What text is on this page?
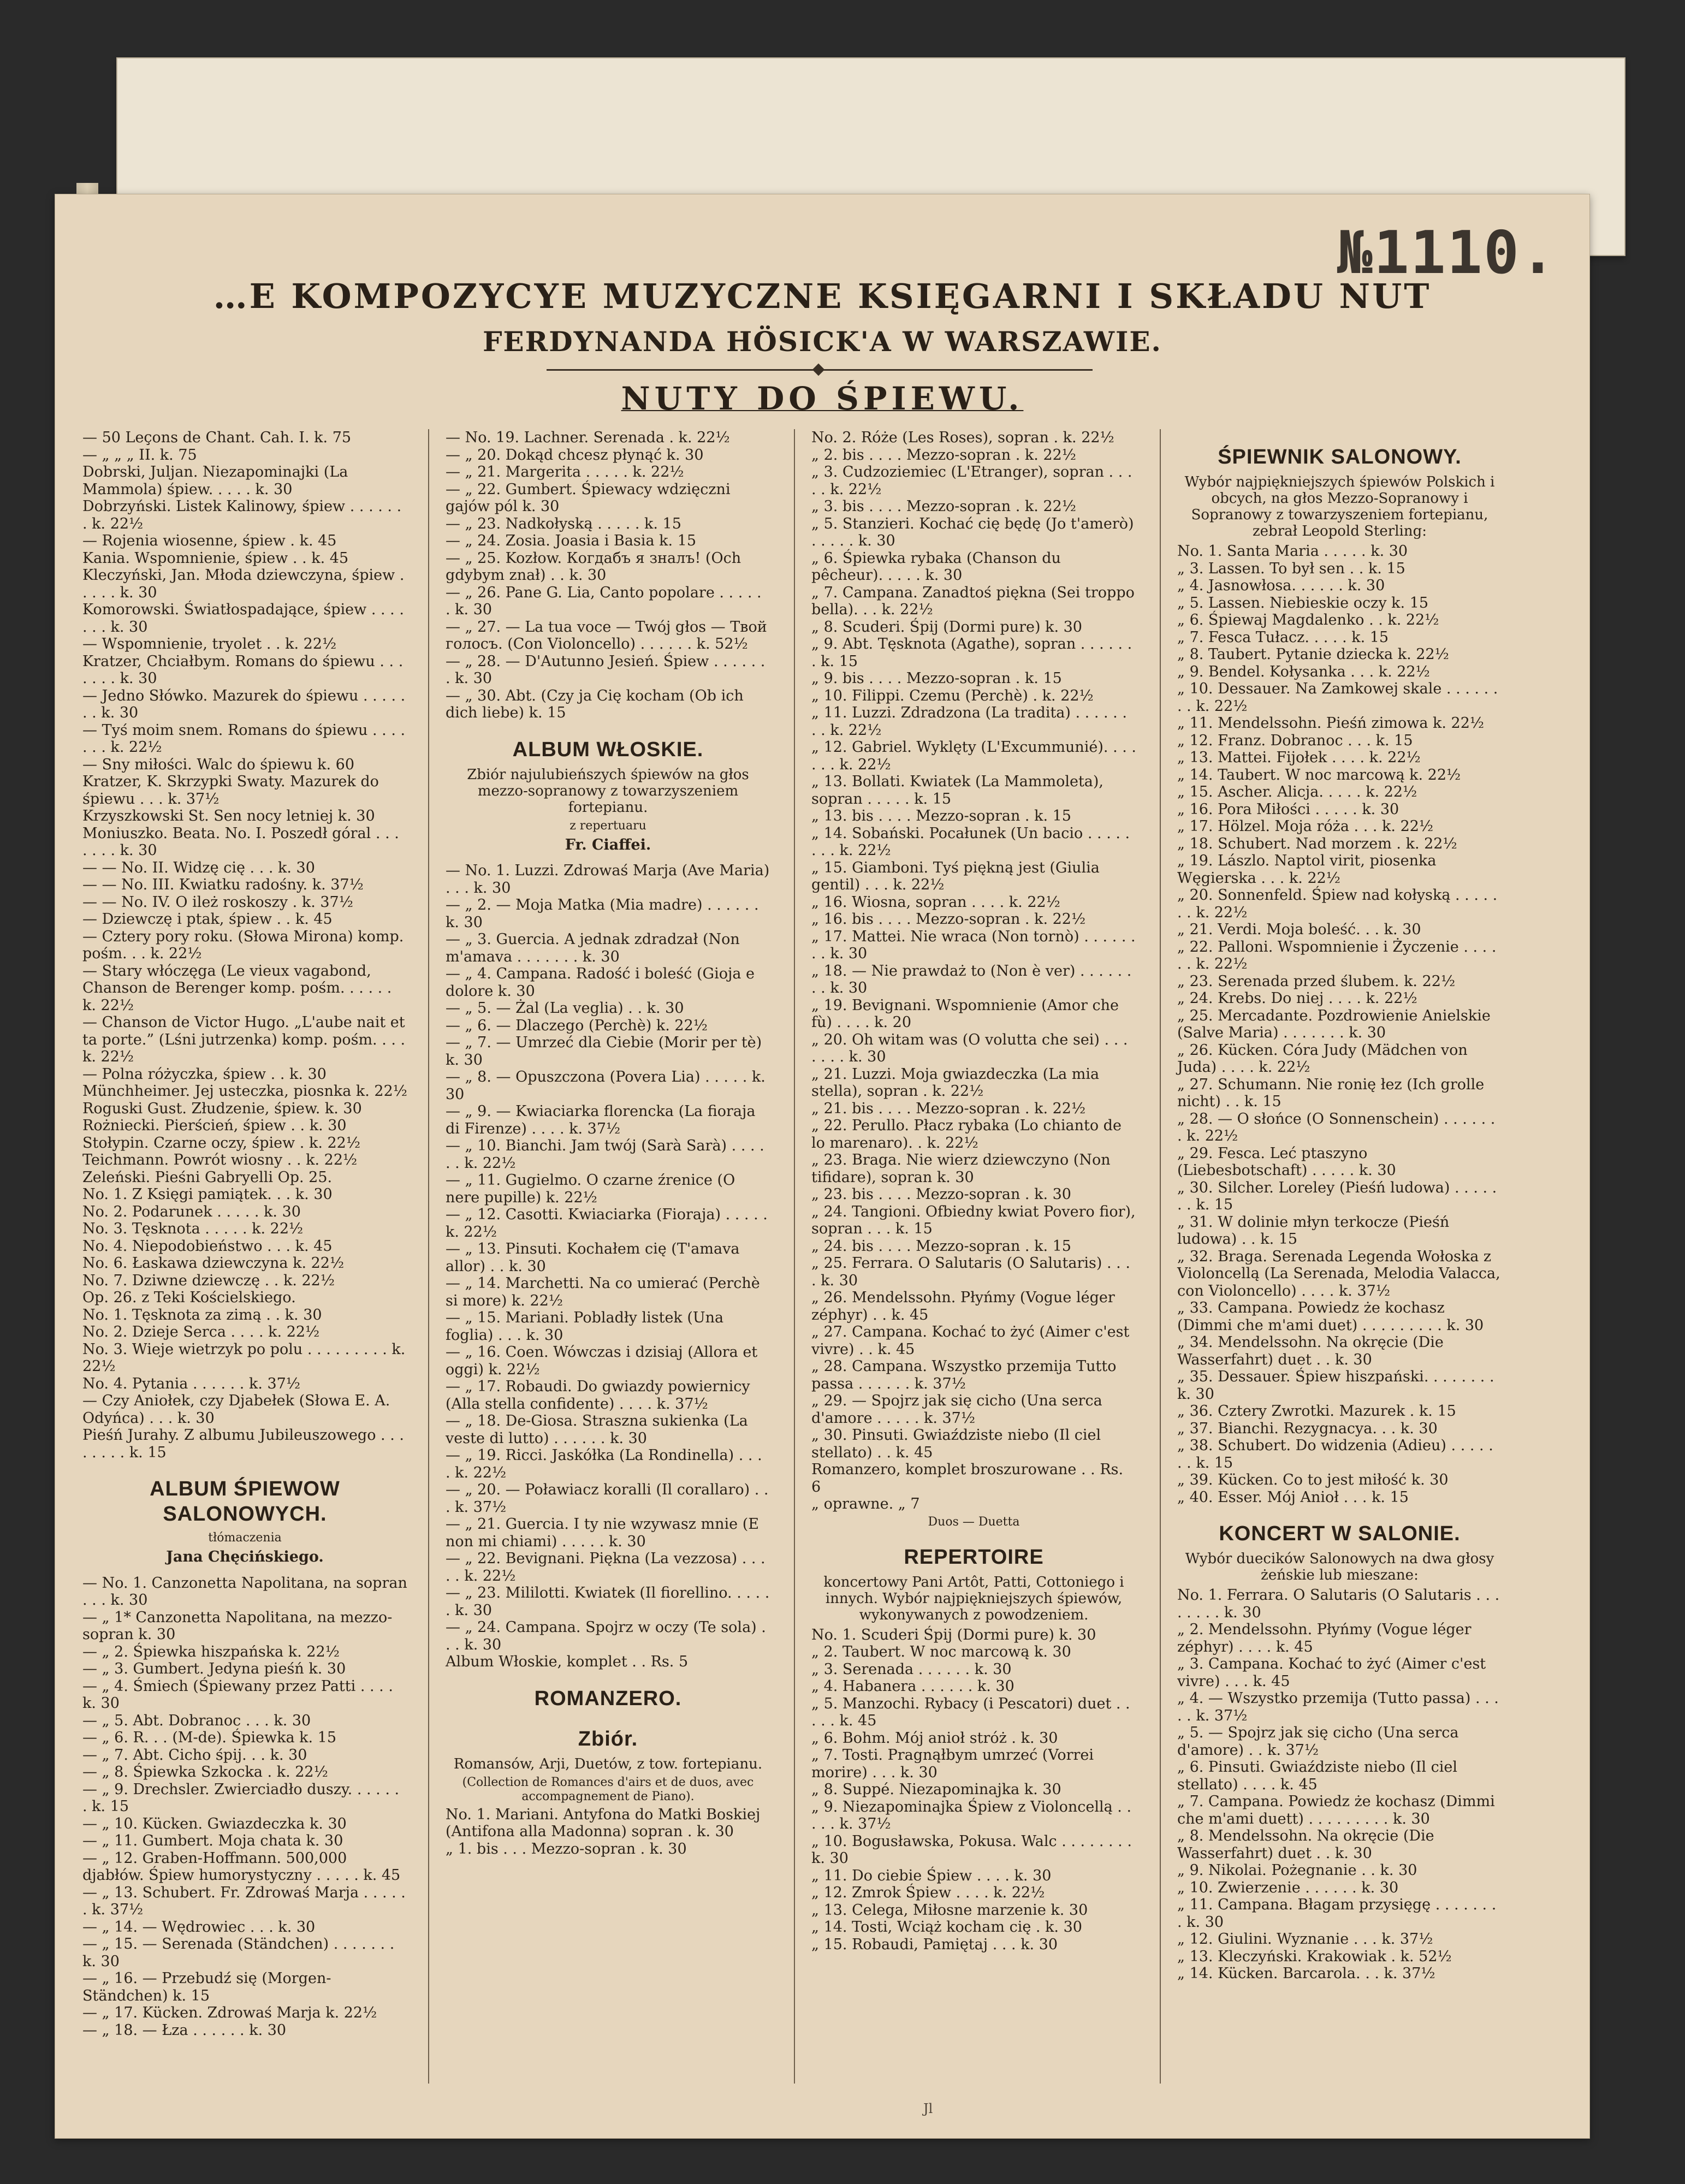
№1110.
…E KOMPOZYCYE MUZYCZNE KSIĘGARNI I SKŁADU NUT
FERDYNANDA HÖSICK'A W WARSZAWIE.
NUTY DO ŚPIEWU.

— 50 Leçons de Chant. Cah. I. k. 75

— „ „ „ II. k. 75

Dobrski, Juljan. Niezapominajki (La Mammola) śpiew. . . . . k. 30

Dobrzyński. Listek Kalinowy, śpiew . . . . . . . k. 22½

— Rojenia wiosenne, śpiew . k. 45

Kania. Wspomnienie, śpiew . . k. 45

Kleczyński, Jan. Młoda dziewczyna, śpiew . . . . . k. 30

Komorowski. Światłospadające, śpiew . . . . . . . k. 30

— Wspomnienie, tryolet . . k. 22½

Kratzer, Chciałbym. Romans do śpiewu . . . . . . . k. 30

— Jedno Słówko. Mazurek do śpiewu . . . . . . . k. 30

— Tyś moim snem. Romans do śpiewu . . . . . . . k. 22½

— Sny miłości. Walc do śpiewu k. 60

Kratzer, K. Skrzypki Swaty. Mazurek do śpiewu . . . k. 37½

Krzyszkowski St. Sen nocy letniej k. 30

Moniuszko. Beata. No. I. Poszedł góral . . . . . . . k. 30

— — No. II. Widzę cię . . . k. 30

— — No. III. Kwiatku radośny. k. 37½

— — No. IV. O ileż roskoszy . k. 37½

— Dziewczę i ptak, śpiew . . k. 45

— Cztery pory roku. (Słowa Mirona) komp. pośm. . . k. 22½

— Stary włóczęga (Le vieux vagabond, Chanson de Berenger komp. pośm. . . . . . k. 22½

— Chanson de Victor Hugo. „L'aube nait et ta porte.” (Lśni jutrzenka) komp. pośm. . . . k. 22½

— Polna różyczka, śpiew . . k. 30

Münchheimer. Jej usteczka, piosnka k. 22½

Roguski Gust. Złudzenie, śpiew. k. 30

Rożniecki. Pierścień, śpiew . . k. 30

Stołypin. Czarne oczy, śpiew . k. 22½

Teichmann. Powrót wiosny . . k. 22½

Zeleński. Pieśni Gabryelli Op. 25.

No. 1. Z Księgi pamiątek. . . k. 30

No. 2. Podarunek . . . . . k. 30

No. 3. Tęsknota . . . . . k. 22½

No. 4. Niepodobieństwo . . . k. 45

No. 6. Łaskawa dziewczyna k. 22½

No. 7. Dziwne dziewczę . . k. 22½

Op. 26. z Teki Kościelskiego.

No. 1. Tęsknota za zimą . . k. 30

No. 2. Dzieje Serca . . . . k. 22½

No. 3. Wieje wietrzyk po polu . . . . . . . . . k. 22½

No. 4. Pytania . . . . . . k. 37½

— Czy Aniołek, czy Djabełek (Słowa E. A. Odyńca) . . . k. 30

Pieśń Jurahy. Z albumu Jubileuszowego . . . . . . . . k. 15

ALBUM ŚPIEWOW SALONOWYCH.

tłómaczenia

Jana Chęcińskiego.

— No. 1. Canzonetta Napolitana, na sopran . . . k. 30

— „ 1* Canzonetta Napolitana, na mezzo-sopran k. 30

— „ 2. Śpiewka hiszpańska k. 22½

— „ 3. Gumbert. Jedyna pieśń k. 30

— „ 4. Śmiech (Śpiewany przez Patti . . . . k. 30

— „ 5. Abt. Dobranoc . . . k. 30

— „ 6. R. . . (M-de). Śpiewka k. 15

— „ 7. Abt. Cicho śpij. . . k. 30

— „ 8. Śpiewka Szkocka . k. 22½

— „ 9. Drechsler. Zwierciadło duszy. . . . . . . k. 15

— „ 10. Kücken. Gwiazdeczka k. 30

— „ 11. Gumbert. Moja chata k. 30

— „ 12. Graben-Hoffmann. 500,000 djabłów. Śpiew humorystyczny . . . . . k. 45

— „ 13. Schubert. Fr. Zdrowaś Marja . . . . . . k. 37½

— „ 14. — Wędrowiec . . . k. 30

— „ 15. — Serenada (Ständchen) . . . . . . . k. 30

— „ 16. — Przebudź się (Morgen-Ständchen) k. 15

— „ 17. Kücken. Zdrowaś Marja k. 22½

— „ 18. — Łza . . . . . . k. 30

— No. 19. Lachner. Serenada . k. 22½

— „ 20. Dokąd chcesz płynąć k. 30

— „ 21. Margerita . . . . . k. 22½

— „ 22. Gumbert. Śpiewacy wdzięczni gajów pól k. 30

— „ 23. Nadkołyską . . . . . k. 15

— „ 24. Zosia. Joasia i Basia k. 15

— „ 25. Kozłow. Когдабъ я зналъ! (Och gdybym znał) . . k. 30

— „ 26. Pane G. Lia, Canto popolare . . . . . . k. 30

— „ 27. — La tua voce — Twój głos — Твой голосъ. (Con Violoncello) . . . . . . k. 52½

— „ 28. — D'Autunno Jesień. Śpiew . . . . . . . k. 30

— „ 30. Abt. (Czy ja Cię kocham (Ob ich dich liebe) k. 15

ALBUM WŁOSKIE.

Zbiór najulubieńszych śpiewów na głos mezzo-sopranowy z towarzyszeniem fortepianu.

z repertuaru

Fr. Ciaffei.

— No. 1. Luzzi. Zdrowaś Marja (Ave Maria) . . . k. 30

— „ 2. — Moja Matka (Mia madre) . . . . . . k. 30

— „ 3. Guercia. A jednak zdradzał (Non m'amava . . . . . . . k. 30

— „ 4. Campana. Radość i boleść (Gioja e dolore k. 30

— „ 5. — Żal (La veglia) . . k. 30

— „ 6. — Dlaczego (Perchè) k. 22½

— „ 7. — Umrzeć dla Ciebie (Morir per tè) k. 30

— „ 8. — Opuszczona (Povera Lia) . . . . . k. 30

— „ 9. — Kwiaciarka florencka (La fioraja di Firenze) . . . . k. 37½

— „ 10. Bianchi. Jam twój (Sarà Sarà) . . . . . . k. 22½

— „ 11. Gugielmo. O czarne źrenice (O nere pupille) k. 22½

— „ 12. Casotti. Kwiaciarka (Fioraja) . . . . . k. 22½

— „ 13. Pinsuti. Kochałem cię (T'amava allor) . . k. 30

— „ 14. Marchetti. Na co umierać (Perchè si more) k. 22½

— „ 15. Mariani. Pobladły listek (Una foglia) . . . k. 30

— „ 16. Coen. Wówczas i dzisiaj (Allora et oggi) k. 22½

— „ 17. Robaudi. Do gwiazdy powiernicy (Alla stella confidente) . . . . k. 37½

— „ 18. De-Giosa. Straszna sukienka (La veste di lutto) . . . . . . k. 30

— „ 19. Ricci. Jaskółka (La Rondinella) . . . . k. 22½

— „ 20. — Poławiacz koralli (Il corallaro) . . . k. 37½

— „ 21. Guercia. I ty nie wzywasz mnie (E non mi chiami) . . . . . k. 30

— „ 22. Bevignani. Piękna (La vezzosa) . . . . . k. 22½

— „ 23. Mililotti. Kwiatek (Il fiorellino. . . . . . k. 30

— „ 24. Campana. Spojrz w oczy (Te sola) . . . k. 30

Album Włoskie, komplet . . Rs. 5

ROMANZERO.

Zbiór.

Romansów, Arji, Duetów, z tow. fortepianu.

(Collection de Romances d'airs et de duos, avec accompagnement de Piano).

No. 1. Mariani. Antyfona do Matki Boskiej (Antifona alla Madonna) sopran . k. 30

„ 1. bis . . . Mezzo-sopran . k. 30

No. 2. Róże (Les Roses), sopran . k. 22½

„ 2. bis . . . . Mezzo-sopran . k. 22½

„ 3. Cudzoziemiec (L'Etranger), sopran . . . . . k. 22½

„ 3. bis . . . . Mezzo-sopran . k. 22½

„ 5. Stanzieri. Kochać cię będę (Jo t'amerò) . . . . . k. 30

„ 6. Śpiewka rybaka (Chanson du pêcheur). . . . . k. 30

„ 7. Campana. Zanadtoś piękna (Sei troppo bella). . . k. 22½

„ 8. Scuderi. Śpij (Dormi pure) k. 30

„ 9. Abt. Tęsknota (Agathe), sopran . . . . . . . k. 15

„ 9. bis . . . . Mezzo-sopran . k. 15

„ 10. Filippi. Czemu (Perchè) . k. 22½

„ 11. Luzzi. Zdradzona (La tradita) . . . . . . . . k. 22½

„ 12. Gabriel. Wyklęty (L'Excummunié). . . . . . . k. 22½

„ 13. Bollati. Kwiatek (La Mammoleta), sopran . . . . . k. 15

„ 13. bis . . . . Mezzo-sopran . k. 15

„ 14. Sobański. Pocałunek (Un bacio . . . . . . . . k. 22½

„ 15. Giamboni. Tyś piękną jest (Giulia gentil) . . . k. 22½

„ 16. Wiosna, sopran . . . . k. 22½

„ 16. bis . . . . Mezzo-sopran . k. 22½

„ 17. Mattei. Nie wraca (Non tornò) . . . . . . . . k. 30

„ 18. — Nie prawdaż to (Non è ver) . . . . . . . . k. 30

„ 19. Bevignani. Wspomnienie (Amor che fù) . . . . k. 20

„ 20. Oh witam was (O volutta che sei) . . . . . . . k. 30

„ 21. Luzzi. Moja gwiazdeczka (La mia stella), sopran . k. 22½

„ 21. bis . . . . Mezzo-sopran . k. 22½

„ 22. Perullo. Płacz rybaka (Lo chianto de lo marenaro). . k. 22½

„ 23. Braga. Nie wierz dziewczyno (Non tifidare), sopran k. 30

„ 23. bis . . . . Mezzo-sopran . k. 30

„ 24. Tangioni. Ofbiedny kwiat Povero fior), sopran . . . k. 15

„ 24. bis . . . . Mezzo-sopran . k. 15

„ 25. Ferrara. O Salutaris (O Salutaris) . . . . k. 30

„ 26. Mendelssohn. Płyńmy (Vogue léger zéphyr) . . k. 45

„ 27. Campana. Kochać to żyć (Aimer c'est vivre) . . k. 45

„ 28. Campana. Wszystko przemija Tutto passa . . . . . . k. 37½

„ 29. — Spojrz jak się cicho (Una serca d'amore . . . . . k. 37½

„ 30. Pinsuti. Gwiaździste niebo (Il ciel stellato) . . k. 45

Romanzero, komplet broszurowane . . Rs. 6

„ oprawne. „ 7

Duos — Duetta

REPERTOIRE

koncertowy Pani Artôt, Patti, Cottoniego i innych. Wybór najpiękniejszych śpiewów, wykonywanych z powodzeniem.

No. 1. Scuderi Śpij (Dormi pure) k. 30

„ 2. Taubert. W noc marcową k. 30

„ 3. Serenada . . . . . . k. 30

„ 4. Habanera . . . . . . k. 30

„ 5. Manzochi. Rybacy (i Pescatori) duet . . . . . k. 45

„ 6. Bohm. Mój anioł stróż . k. 30

„ 7. Tosti. Pragnąłbym umrzeć (Vorrei morire) . . . k. 30

„ 8. Suppé. Niezapominajka k. 30

„ 9. Niezapominajka Śpiew z Violoncellą . . . . . k. 37½

„ 10. Bogusławska, Pokusa. Walc . . . . . . . . k. 30

„ 11. Do ciebie Śpiew . . . . k. 30

„ 12. Zmrok Śpiew . . . . k. 22½

„ 13. Celega, Miłosne marzenie k. 30

„ 14. Tosti, Wciąż kocham cię . k. 30

„ 15. Robaudi, Pamiętaj . . . k. 30

ŚPIEWNIK SALONOWY.

Wybór najpiękniejszych śpiewów Polskich i obcych, na głos Mezzo-Sopranowy i Sopranowy z towarzyszeniem fortepianu, zebrał Leopold Sterling:

No. 1. Santa Maria . . . . . k. 30

„ 3. Lassen. To był sen . . k. 15

„ 4. Jasnowłosa. . . . . . k. 30

„ 5. Lassen. Niebieskie oczy k. 15

„ 6. Śpiewaj Magdalenko . . k. 22½

„ 7. Fesca Tułacz. . . . . k. 15

„ 8. Taubert. Pytanie dziecka k. 22½

„ 9. Bendel. Kołysanka . . . k. 22½

„ 10. Dessauer. Na Zamkowej skale . . . . . . . . k. 22½

„ 11. Mendelssohn. Pieśń zimowa k. 22½

„ 12. Franz. Dobranoc . . . k. 15

„ 13. Mattei. Fijołek . . . . k. 22½

„ 14. Taubert. W noc marcową k. 22½

„ 15. Ascher. Alicja. . . . . k. 22½

„ 16. Pora Miłości . . . . . k. 30

„ 17. Hölzel. Moja róża . . . k. 22½

„ 18. Schubert. Nad morzem . k. 22½

„ 19. Lászlo. Naptol virit, piosenka Węgierska . . . k. 22½

„ 20. Sonnenfeld. Śpiew nad kołyską . . . . . . . k. 22½

„ 21. Verdi. Moja boleść. . . k. 30

„ 22. Palloni. Wspomnienie i Życzenie . . . . . . k. 22½

„ 23. Serenada przed ślubem. k. 22½

„ 24. Krebs. Do niej . . . . k. 22½

„ 25. Mercadante. Pozdrowienie Anielskie (Salve Maria) . . . . . . . k. 30

„ 26. Kücken. Córa Judy (Mädchen von Juda) . . . . k. 22½

„ 27. Schumann. Nie ronię łez (Ich grolle nicht) . . k. 15

„ 28. — O słońce (O Sonnenschein) . . . . . . . k. 22½

„ 29. Fesca. Leć ptaszyno (Liebesbotschaft) . . . . . k. 30

„ 30. Silcher. Loreley (Pieśń ludowa) . . . . . . . k. 15

„ 31. W dolinie młyn terkocze (Pieśń ludowa) . . k. 15

„ 32. Braga. Serenada Legenda Wołoska z Violoncellą (La Serenada, Melodia Valacca, con Violoncello) . . . . k. 37½

„ 33. Campana. Powiedz że kochasz (Dimmi che m'ami duet) . . . . . . . . . k. 30

„ 34. Mendelssohn. Na okręcie (Die Wasserfahrt) duet . . k. 30

„ 35. Dessauer. Śpiew hiszpański. . . . . . . . k. 30

„ 36. Cztery Zwrotki. Mazurek . k. 15

„ 37. Bianchi. Rezygnacya. . . k. 30

„ 38. Schubert. Do widzenia (Adieu) . . . . . . . k. 15

„ 39. Kücken. Co to jest miłość k. 30

„ 40. Esser. Mój Anioł . . . k. 15

KONCERT W SALONIE.

Wybór duecików Salonowych na dwa głosy żeńskie lub mieszane:

No. 1. Ferrara. O Salutaris (O Salutaris . . . . . . . . k. 30

„ 2. Mendelssohn. Płyńmy (Vogue léger zéphyr) . . . . k. 45

„ 3. Campana. Kochać to żyć (Aimer c'est vivre) . . . k. 45

„ 4. — Wszystko przemija (Tutto passa) . . . . . k. 37½

„ 5. — Spojrz jak się cicho (Una serca d'amore) . . k. 37½

„ 6. Pinsuti. Gwiaździste niebo (Il ciel stellato) . . . . k. 45

„ 7. Campana. Powiedz że kochasz (Dimmi che m'ami duett) . . . . . . . . . k. 30

„ 8. Mendelssohn. Na okręcie (Die Wasserfahrt) duet . . k. 30

„ 9. Nikolai. Pożegnanie . . k. 30

„ 10. Zwierzenie . . . . . . k. 30

„ 11. Campana. Błagam przysięgę . . . . . . . . k. 30

„ 12. Giulini. Wyznanie . . . k. 37½

„ 13. Kleczyński. Krakowiak . k. 52½

„ 14. Kücken. Barcarola. . . k. 37½

Jl
